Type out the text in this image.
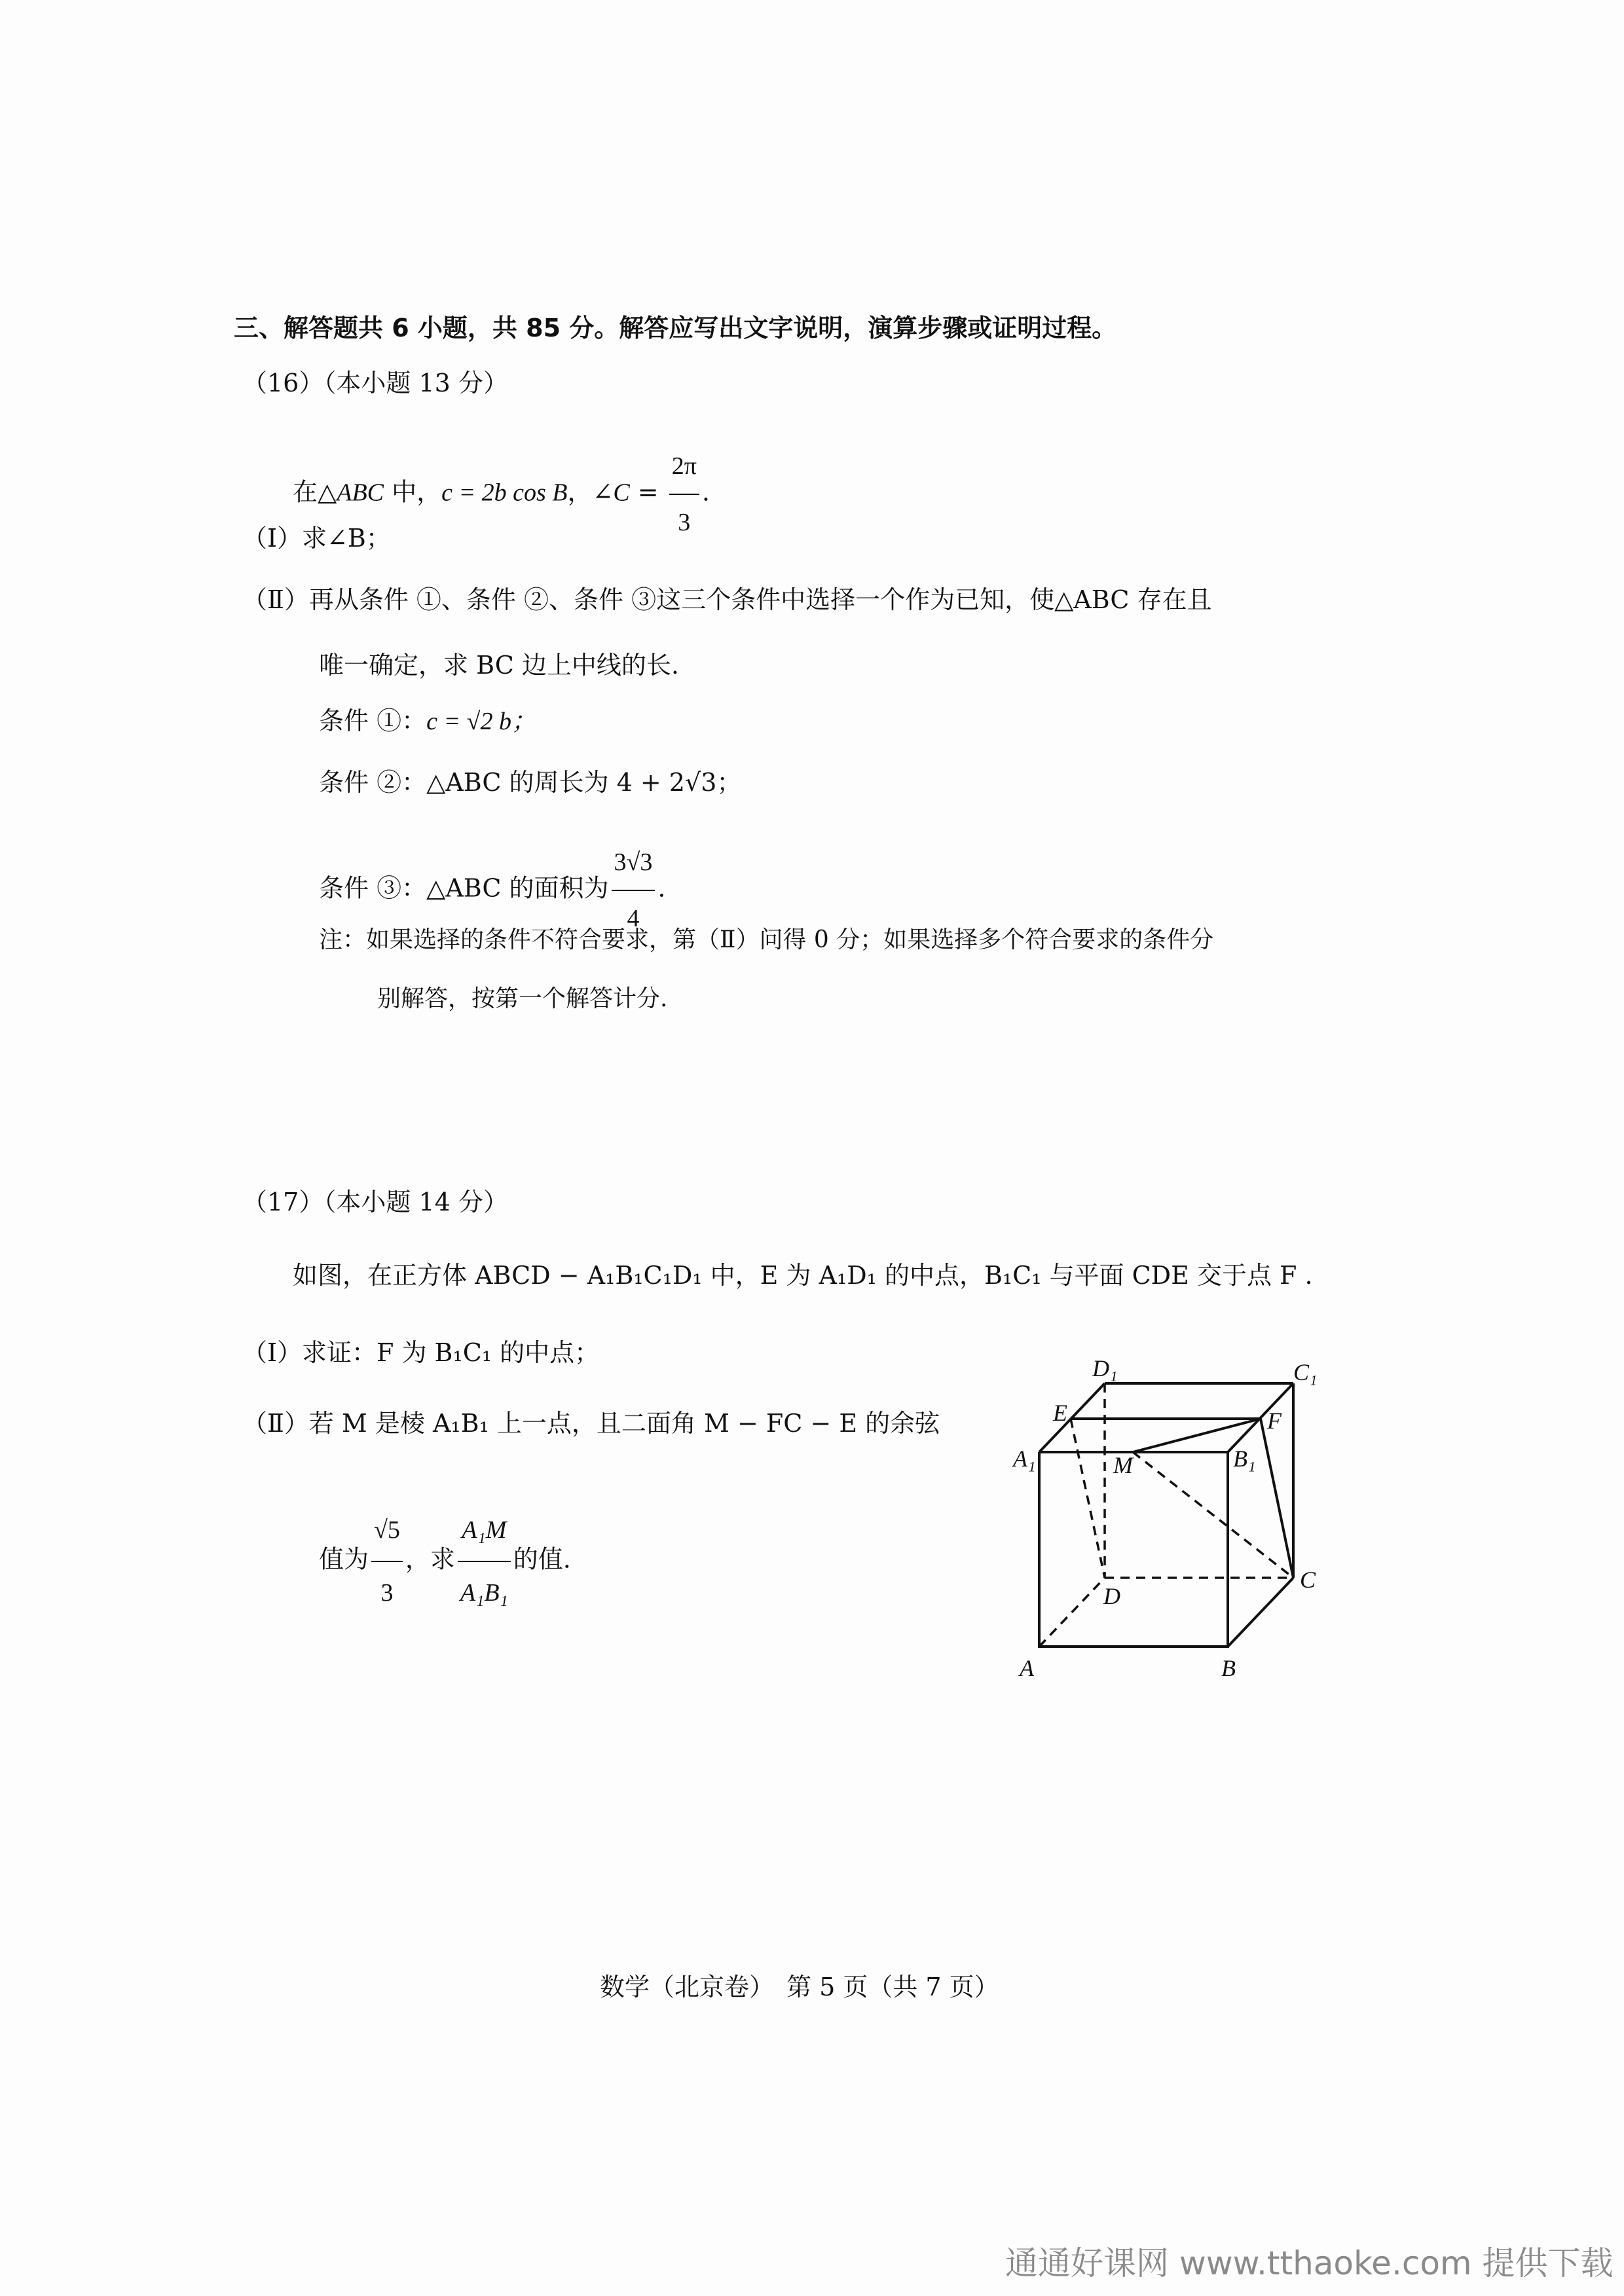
三、解答题共 6 小题，共 85 分。解答应写出文字说明，演算步骤或证明过程。
（16）（本小题 13 分）
在△ABC 中，c = 2b cos B，∠C = $\frac{2\pi}{3}$ .
（Ⅰ）求∠B；
（Ⅱ）再从条件 ①、条件 ②、条件 ③这三个条件中选择一个作为已知，使△ABC 存在且
唯一确定，求 BC 边上中线的长.
条件 ①：c = √2 b；
条件 ②：△ABC 的周长为 4 + 2√3；
条件 ③：△ABC 的面积为 $\frac{3√3}{4}$ .
注：如果选择的条件不符合要求，第（Ⅱ）问得 0 分；如果选择多个符合要求的条件分
别解答，按第一个解答计分.
（17）（本小题 14 分）
如图，在正方体 ABCD − A₁B₁C₁D₁ 中，E 为 A₁D₁ 的中点，B₁C₁ 与平面 CDE 交于点 F .
（Ⅰ）求证：F 为 B₁C₁ 的中点；
（Ⅱ）若 M 是棱 A₁B₁ 上一点，且二面角 M − FC − E 的余弦
值为 $\frac{√5}{3}$ ，求 $\frac{\text{A₁M}}{\text{A₁B₁}}$ 的值.
D₁	C₁
E	F
A₁	M	B₁
D
C
A	B
数学（北京卷）　第 5 页（共 7 页）
通通好课网 www.tthaoke.com 提供下载
